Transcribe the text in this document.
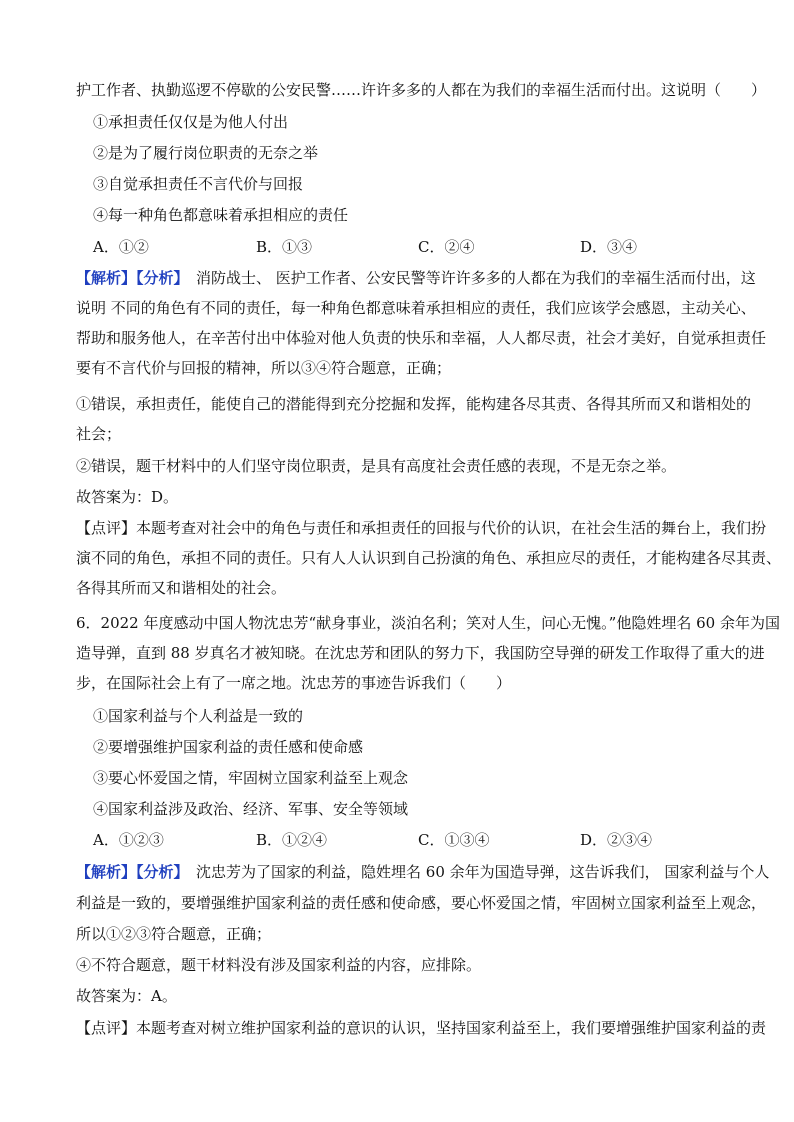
护工作者、执勤巡逻不停歇的公安民警……许许多多的人都在为我们的幸福生活而付出。这说明（　　）
①承担责任仅仅是为他人付出
②是为了履行岗位职责的无奈之举
③自觉承担责任不言代价与回报
④每一种角色都意味着承担相应的责任
A．①②	B．①③	C．②④	D．③④
【解析】【分析】　消防战士、 医护工作者、公安民警等许许多多的人都在为我们的幸福生活而付出，这
说明 不同的角色有不同的责任，每一种角色都意味着承担相应的责任，我们应该学会感恩，主动关心、
帮助和服务他人，在辛苦付出中体验对他人负责的快乐和幸福，人人都尽责，社会才美好，自觉承担责任
要有不言代价与回报的精神，所以③④符合题意，正确；
①错误，承担责任，能使自己的潜能得到充分挖掘和发挥，能构建各尽其责、各得其所而又和谐相处的
社会；
②错误，题干材料中的人们坚守岗位职责，是具有高度社会责任感的表现，不是无奈之举。
故答案为：D。
【点评】本题考查对社会中的角色与责任和承担责任的回报与代价的认识，在社会生活的舞台上，我们扮
演不同的角色，承担不同的责任。只有人人认识到自己扮演的角色、承担应尽的责任，才能构建各尽其责、
各得其所而又和谐相处的社会。
6．2022 年度感动中国人物沈忠芳“献身事业，淡泊名利；笑对人生，问心无愧。”他隐姓埋名 60 余年为国
造导弹，直到 88 岁真名才被知晓。在沈忠芳和团队的努力下，我国防空导弹的研发工作取得了重大的进
步，在国际社会上有了一席之地。沈忠芳的事迹告诉我们（　　）
①国家利益与个人利益是一致的
②要增强维护国家利益的责任感和使命感
③要心怀爱国之情，牢固树立国家利益至上观念
④国家利益涉及政治、经济、军事、安全等领域
A．①②③	B．①②④	C．①③④	D．②③④
【解析】【分析】　沈忠芳为了国家的利益，隐姓埋名 60 余年为国造导弹，这告诉我们， 国家利益与个人
利益是一致的，要增强维护国家利益的责任感和使命感，要心怀爱国之情，牢固树立国家利益至上观念，
所以①②③符合题意，正确；
④不符合题意，题干材料没有涉及国家利益的内容，应排除。
故答案为：A。
【点评】本题考查对树立维护国家利益的意识的认识，坚持国家利益至上，我们要增强维护国家利益的责
